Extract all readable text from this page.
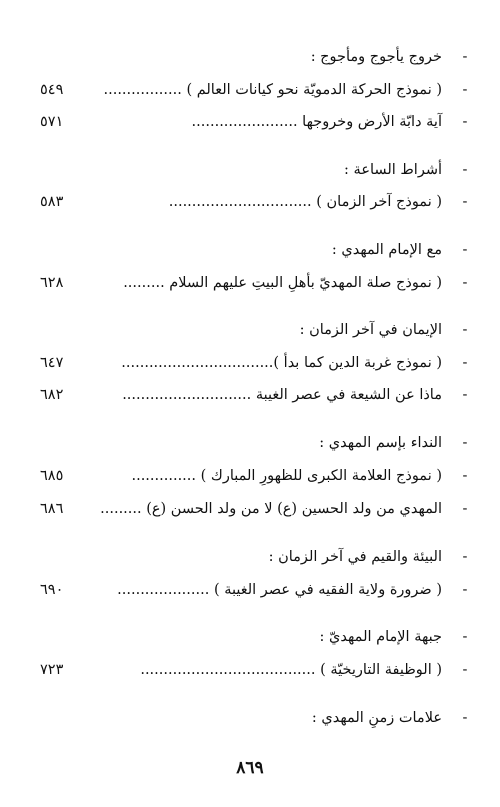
-
خروج يأجوج ومأجوج :
-
( نموذج الحركة الدمويّة نحو كيانات العالم ) .................
٥٤٩
-
آية دابّة الأرض وخروجها .......................
٥٧١
-
أشراط الساعة :
-
( نموذج آخر الزمان ) ...............................
٥٨٣
-
مع الإمام المهدي :
-
( نموذج صلة المهديّ بأهلِ البيتِ عليهم السلام .........
٦٢٨
-
الإيمان في آخر الزمان :
-
( نموذج غربة الدين كما بدأ ).................................
٦٤٧
-
ماذا عن الشيعة في عصر الغيبة ............................
٦٨٢
-
النداء بإسم المهدي :
-
( نموذج العلامة الكبرى للظهورِ المبارك ) ..............
٦٨٥
-
المهدي من ولد الحسين (ع) لا من ولد الحسن (ع) .........
٦٨٦
-
البيئة والقيم في آخر الزمان :
-
( ضرورة ولاية الفقيه في عصر الغيبة ) ....................
٦٩٠
-
جبهة الإمام المهديّ :
-
( الوظيفة التاريخيّة ) ......................................
٧٢٣
-
علامات زمنِ المهدي :
٨٦٩
